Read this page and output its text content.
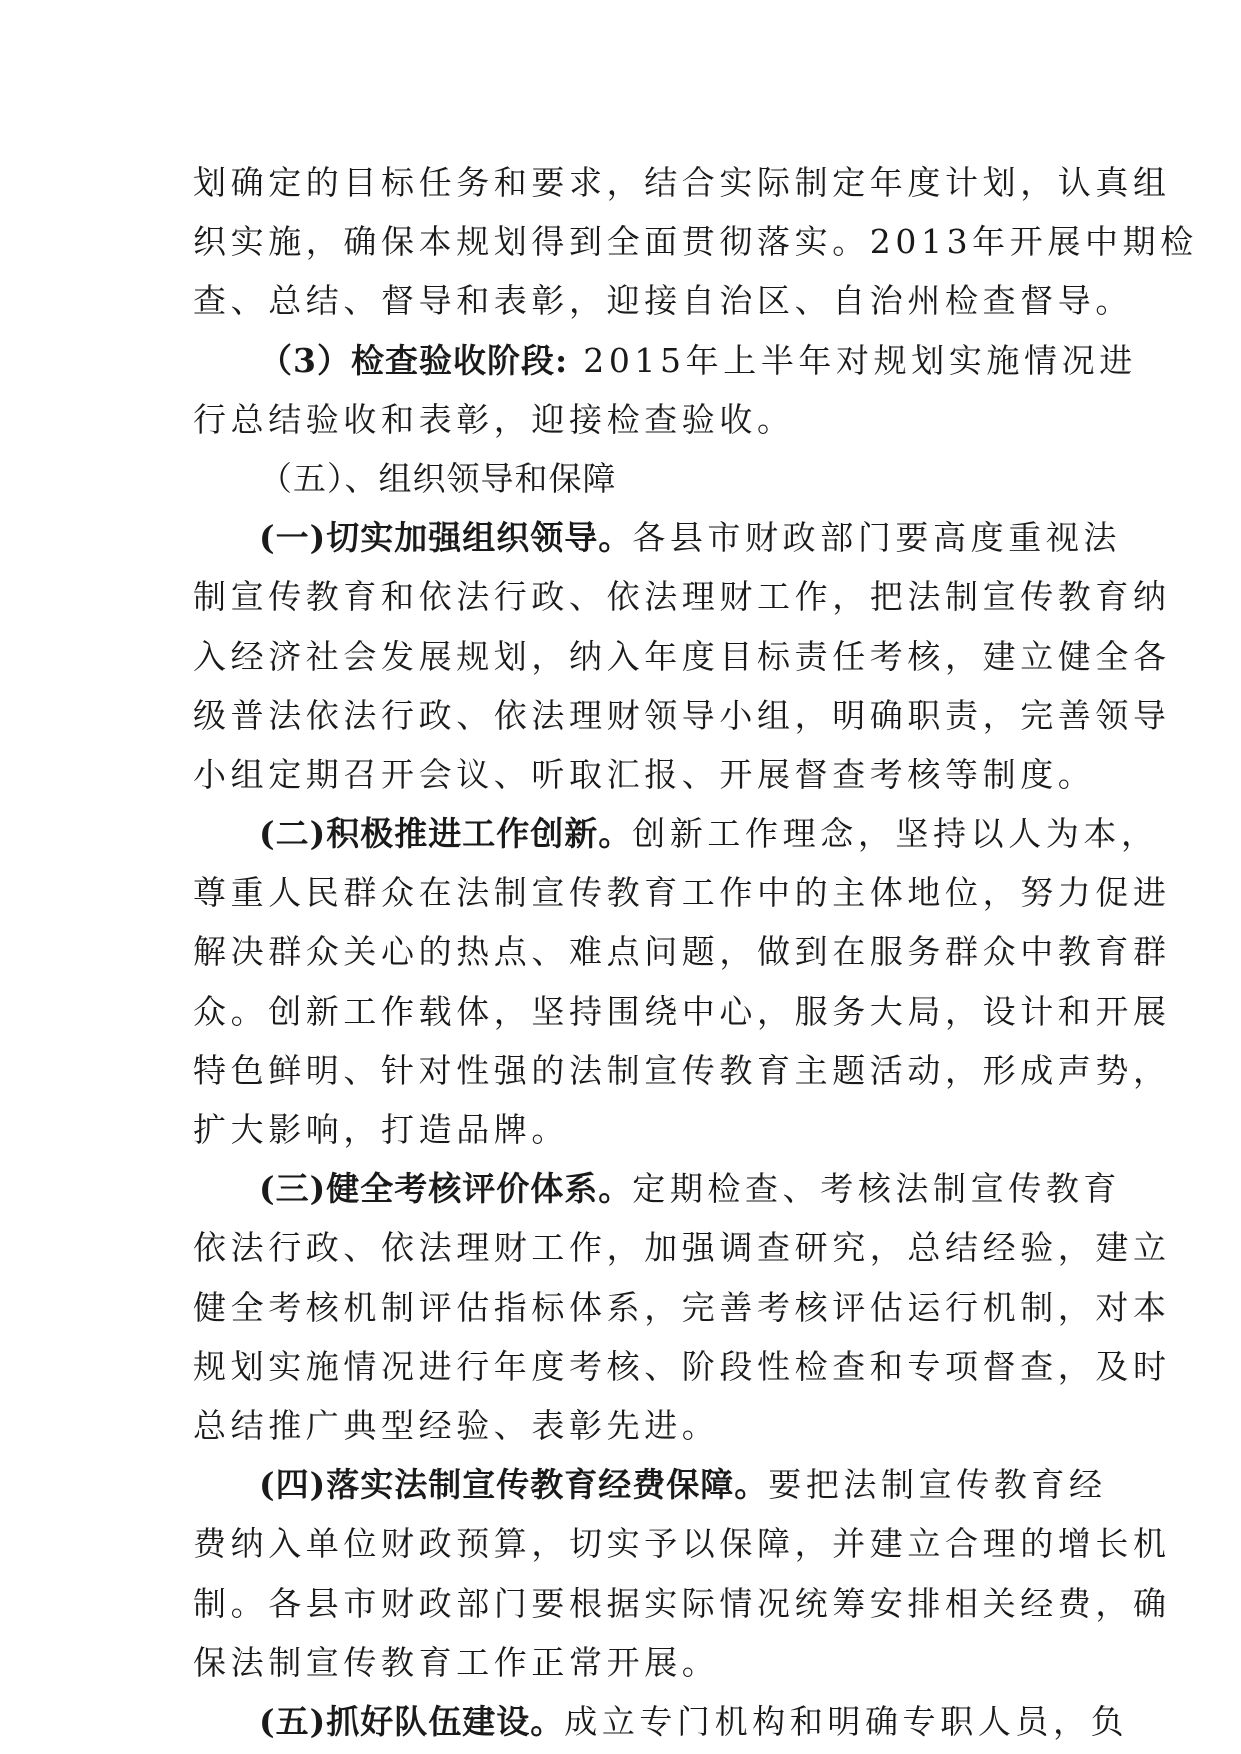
划确定的目标任务和要求，结合实际制定年度计划，认真组
织实施，确保本规划得到全面贯彻落实。2013年开展中期检
查、总结、督导和表彰，迎接自治区、自治州检查督导。
（3）检查验收阶段: 2015年上半年对规划实施情况进
行总结验收和表彰，迎接检查验收。
（五）、组织领导和保障
(一)切实加强组织领导。各县市财政部门要高度重视法
制宣传教育和依法行政、依法理财工作，把法制宣传教育纳
入经济社会发展规划，纳入年度目标责任考核，建立健全各
级普法依法行政、依法理财领导小组，明确职责，完善领导
小组定期召开会议、听取汇报、开展督查考核等制度。
(二)积极推进工作创新。创新工作理念，坚持以人为本，
尊重人民群众在法制宣传教育工作中的主体地位，努力促进
解决群众关心的热点、难点问题，做到在服务群众中教育群
众。创新工作载体，坚持围绕中心，服务大局，设计和开展
特色鲜明、针对性强的法制宣传教育主题活动，形成声势，
扩大影响，打造品牌。
(三)健全考核评价体系。定期检查、考核法制宣传教育
依法行政、依法理财工作，加强调查研究，总结经验，建立
健全考核机制评估指标体系，完善考核评估运行机制，对本
规划实施情况进行年度考核、阶段性检查和专项督查，及时
总结推广典型经验、表彰先进。
(四)落实法制宣传教育经费保障。要把法制宣传教育经
费纳入单位财政预算，切实予以保障，并建立合理的增长机
制。各县市财政部门要根据实际情况统筹安排相关经费，确
保法制宣传教育工作正常开展。
(五)抓好队伍建设。成立专门机构和明确专职人员，负
